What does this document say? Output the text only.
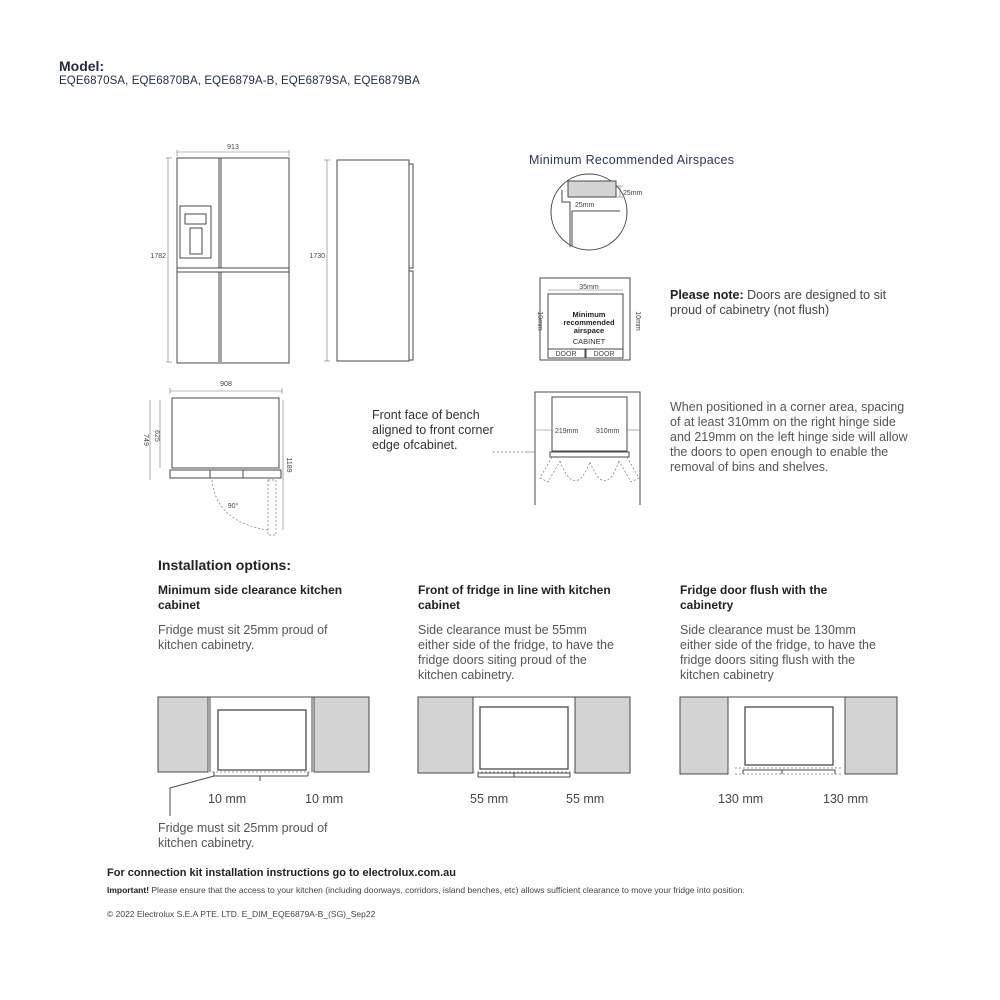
Model:
EQE6870SA, EQE6870BA, EQE6879A-B, EQE6879SA, EQE6879BA
913
1782	1730
908
749 625
1189
90°
25mm
25mm
35mm
10mm	10mm
Minimum
recommended
airspace
CABINET
DOOR DOOR
219mm	310mm
Minimum Recommended Airspaces
Please note: Doors are designed to sit proud of cabinetry (not flush)
Front face of bench aligned to front corner edge ofcabinet.
When positioned in a corner area, spacing of at least 310mm on the right hinge side and 219mm on the left hinge side will allow the doors to open enough to enable the removal of bins and shelves.
Installation options:
Minimum side clearance kitchen cabinet
Fridge must sit 25mm proud of kitchen cabinetry.
10 mm	10 mm
Fridge must sit 25mm proud of kitchen cabinetry.
Front of fridge in line with kitchen cabinet
Side clearance must be 55mm either side of the fridge, to have the fridge doors siting proud of the kitchen cabinetry.
55 mm	55 mm
Fridge door flush with the cabinetry
Side clearance must be 130mm either side of the fridge, to have the fridge doors siting flush with the kitchen cabinetry
130 mm	130 mm
For connection kit installation instructions go to electrolux.com.au
Important! Please ensure that the access to your kitchen (including doorways, corridors, island benches, etc) allows sufficient clearance to move your fridge into position.
© 2022 Electrolux S.E.A PTE. LTD. E_DIM_EQE6879A-B_(SG)_Sep22
